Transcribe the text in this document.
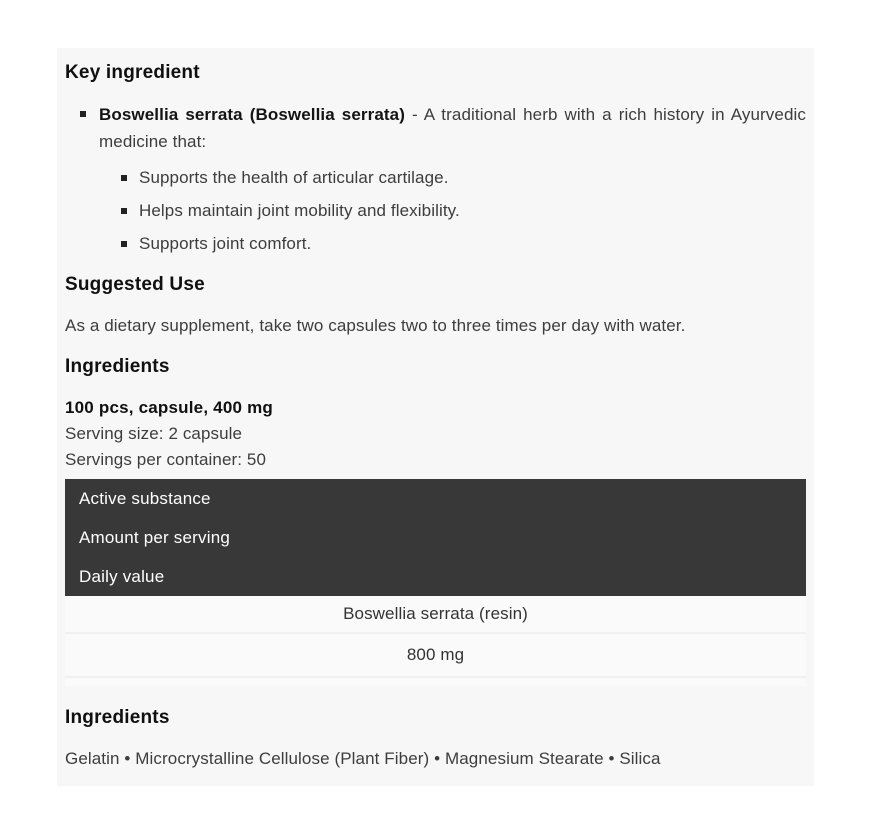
Key ingredient

Boswellia serrata (Boswellia serrata) - A traditional herb with a rich history in Ayurvedic medicine that:

Supports the health of articular cartilage.
Helps maintain joint mobility and flexibility.
Supports joint comfort.
Suggested Use

As a dietary supplement, take two capsules two to three times per day with water.

Ingredients
100 pcs, capsule, 400 mg
Serving size: 2 capsule
Servings per container: 50
Active substance
Amount per serving
Daily value
Boswellia serrata (resin)
800 mg
Ingredients

Gelatin • Microcrystalline Cellulose (Plant Fiber) • Magnesium Stearate • Silica
